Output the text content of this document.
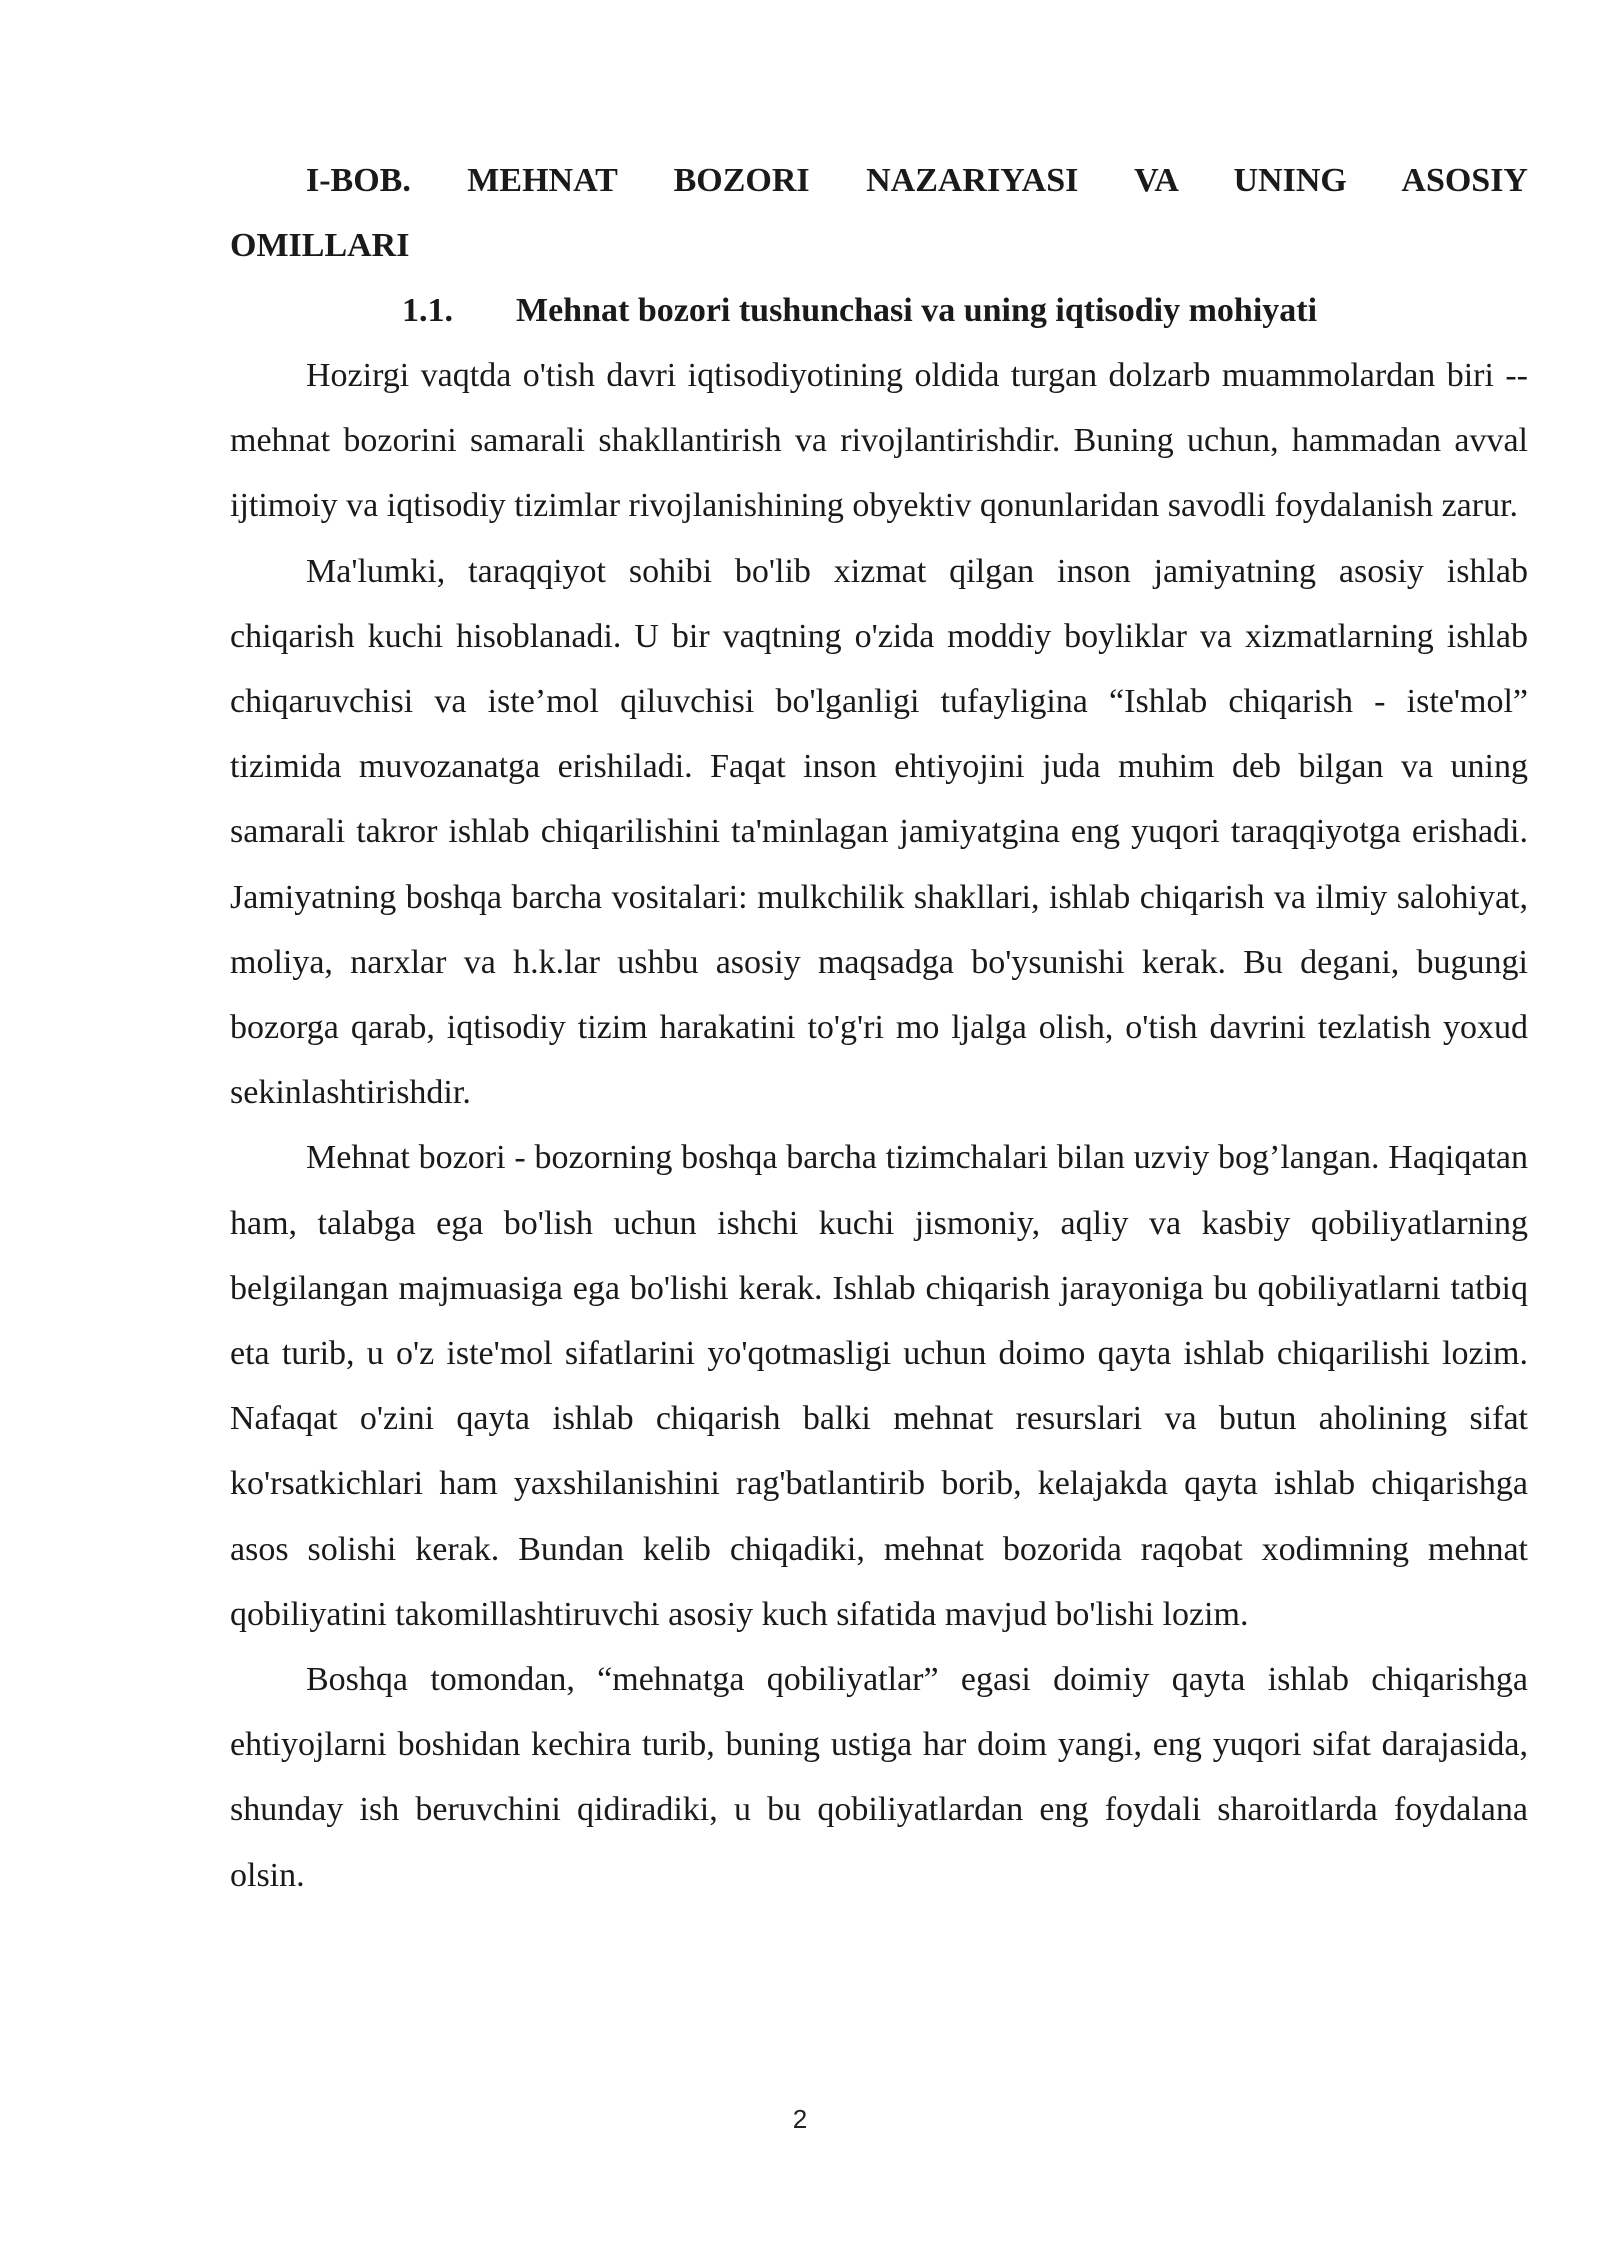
I-BOB. MEHNAT BOZORI NAZARIYASI VA UNING ASOSIY OMILLARI
1.1. Mehnat bozori tushunchasi va uning iqtisodiy mohiyati

Hozirgi vaqtda o'tish davri iqtisodiyotining oldida turgan dolzarb muammolardan biri -- mehnat bozorini samarali shakllantirish va rivojlantirishdir. Buning uchun, hammadan avval ijtimoiy va iqtisodiy tizimlar rivojlanishining obyektiv qonunlaridan savodli foydalanish zarur.

Ma'lumki, taraqqiyot sohibi bo'lib xizmat qilgan inson jamiyatning asosiy ishlab chiqarish kuchi hisoblanadi. U bir vaqtning o'zida moddiy boyliklar va xizmatlarning ishlab chiqaruvchisi va iste’mol qiluvchisi bo'lganligi tufayligina “Ishlab chiqarish - iste'mol” tizimida muvozanatga erishiladi. Faqat inson ehtiyojini juda muhim deb bilgan va uning samarali takror ishlab chiqarilishini ta'minlagan jamiyatgina eng yuqori taraqqiyotga erishadi. Jamiyatning boshqa barcha vositalari: mulkchilik shakllari, ishlab chiqarish va ilmiy salohiyat, moliya, narxlar va h.k.lar ushbu asosiy maqsadga bo'ysunishi kerak. Bu degani, bugungi bozorga qarab, iqtisodiy tizim harakatini to'g'ri mo ljalga olish, o'tish davrini tezlatish yoxud sekinlashtirishdir.

Mehnat bozori - bozorning boshqa barcha tizimchalari bilan uzviy bog’langan. Haqiqatan ham, talabga ega bo'lish uchun ishchi kuchi jismoniy, aqliy va kasbiy qobiliyatlarning belgilangan majmuasiga ega bo'lishi kerak. Ishlab chiqarish jarayoniga bu qobiliyatlarni tatbiq eta turib, u o'z iste'mol sifatlarini yo'qotmasligi uchun doimo qayta ishlab chiqarilishi lozim. Nafaqat o'zini qayta ishlab chiqarish balki mehnat resurslari va butun aholining sifat ko'rsatkichlari ham yaxshilanishini rag'batlantirib borib, kelajakda qayta ishlab chiqarishga asos solishi kerak. Bundan kelib chiqadiki, mehnat bozorida raqobat xodimning mehnat qobiliyatini takomillashtiruvchi asosiy kuch sifatida mavjud bo'lishi lozim.

Boshqa tomondan, “mehnatga qobiliyatlar” egasi doimiy qayta ishlab chiqarishga ehtiyojlarni boshidan kechira turib, buning ustiga har doim yangi, eng yuqori sifat darajasida, shunday ish beruvchini qidiradiki, u bu qobiliyatlardan eng foydali sharoitlarda foydalana olsin.

2
